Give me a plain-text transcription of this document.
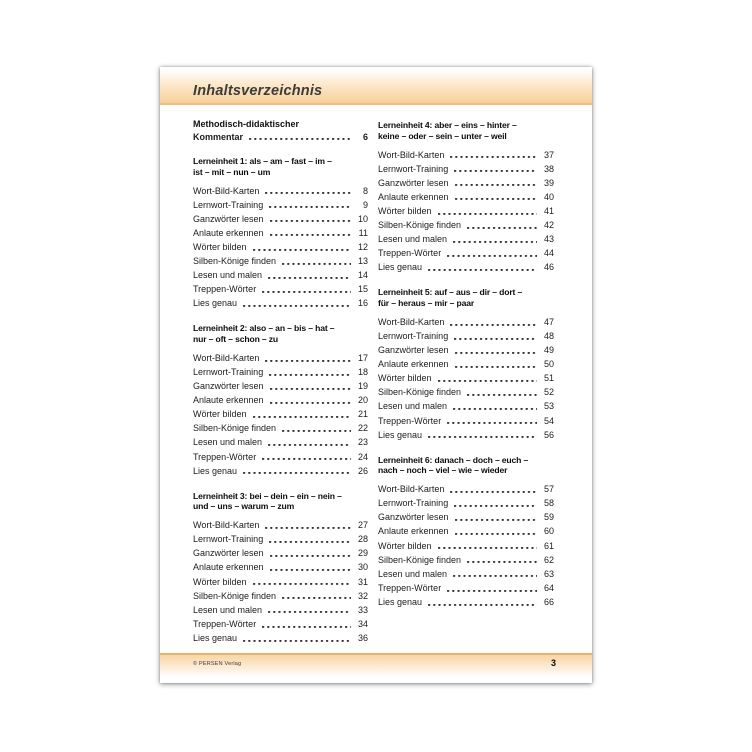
Inhaltsverzeichnis
Methodisch-didaktischer
Kommentar	6
Lerneinheit 1: als – am – fast – im –
ist – mit – nun – um
Wort-Bild-Karten	8
Lernwort-Training	9
Ganzwörter lesen	10
Anlaute erkennen	11
Wörter bilden	12
Silben-Könige finden	13
Lesen und malen	14
Treppen-Wörter	15
Lies genau	16
Lerneinheit 2: also – an – bis – hat –
nur – oft – schon – zu
Wort-Bild-Karten	17
Lernwort-Training	18
Ganzwörter lesen	19
Anlaute erkennen	20
Wörter bilden	21
Silben-Könige finden	22
Lesen und malen	23
Treppen-Wörter	24
Lies genau	26
Lerneinheit 3: bei – dein – ein – nein –
und – uns – warum – zum
Wort-Bild-Karten	27
Lernwort-Training	28
Ganzwörter lesen	29
Anlaute erkennen	30
Wörter bilden	31
Silben-Könige finden	32
Lesen und malen	33
Treppen-Wörter	34
Lies genau	36
Lerneinheit 4: aber – eins – hinter –
keine – oder – sein – unter – weil
Wort-Bild-Karten	37
Lernwort-Training	38
Ganzwörter lesen	39
Anlaute erkennen	40
Wörter bilden	41
Silben-Könige finden	42
Lesen und malen	43
Treppen-Wörter	44
Lies genau	46
Lerneinheit 5: auf – aus – dir – dort –
für – heraus – mir – paar
Wort-Bild-Karten	47
Lernwort-Training	48
Ganzwörter lesen	49
Anlaute erkennen	50
Wörter bilden	51
Silben-Könige finden	52
Lesen und malen	53
Treppen-Wörter	54
Lies genau	56
Lerneinheit 6: danach – doch – euch –
nach – noch – viel – wie – wieder
Wort-Bild-Karten	57
Lernwort-Training	58
Ganzwörter lesen	59
Anlaute erkennen	60
Wörter bilden	61
Silben-Könige finden	62
Lesen und malen	63
Treppen-Wörter	64
Lies genau	66
© PERSEN Verlag	3
